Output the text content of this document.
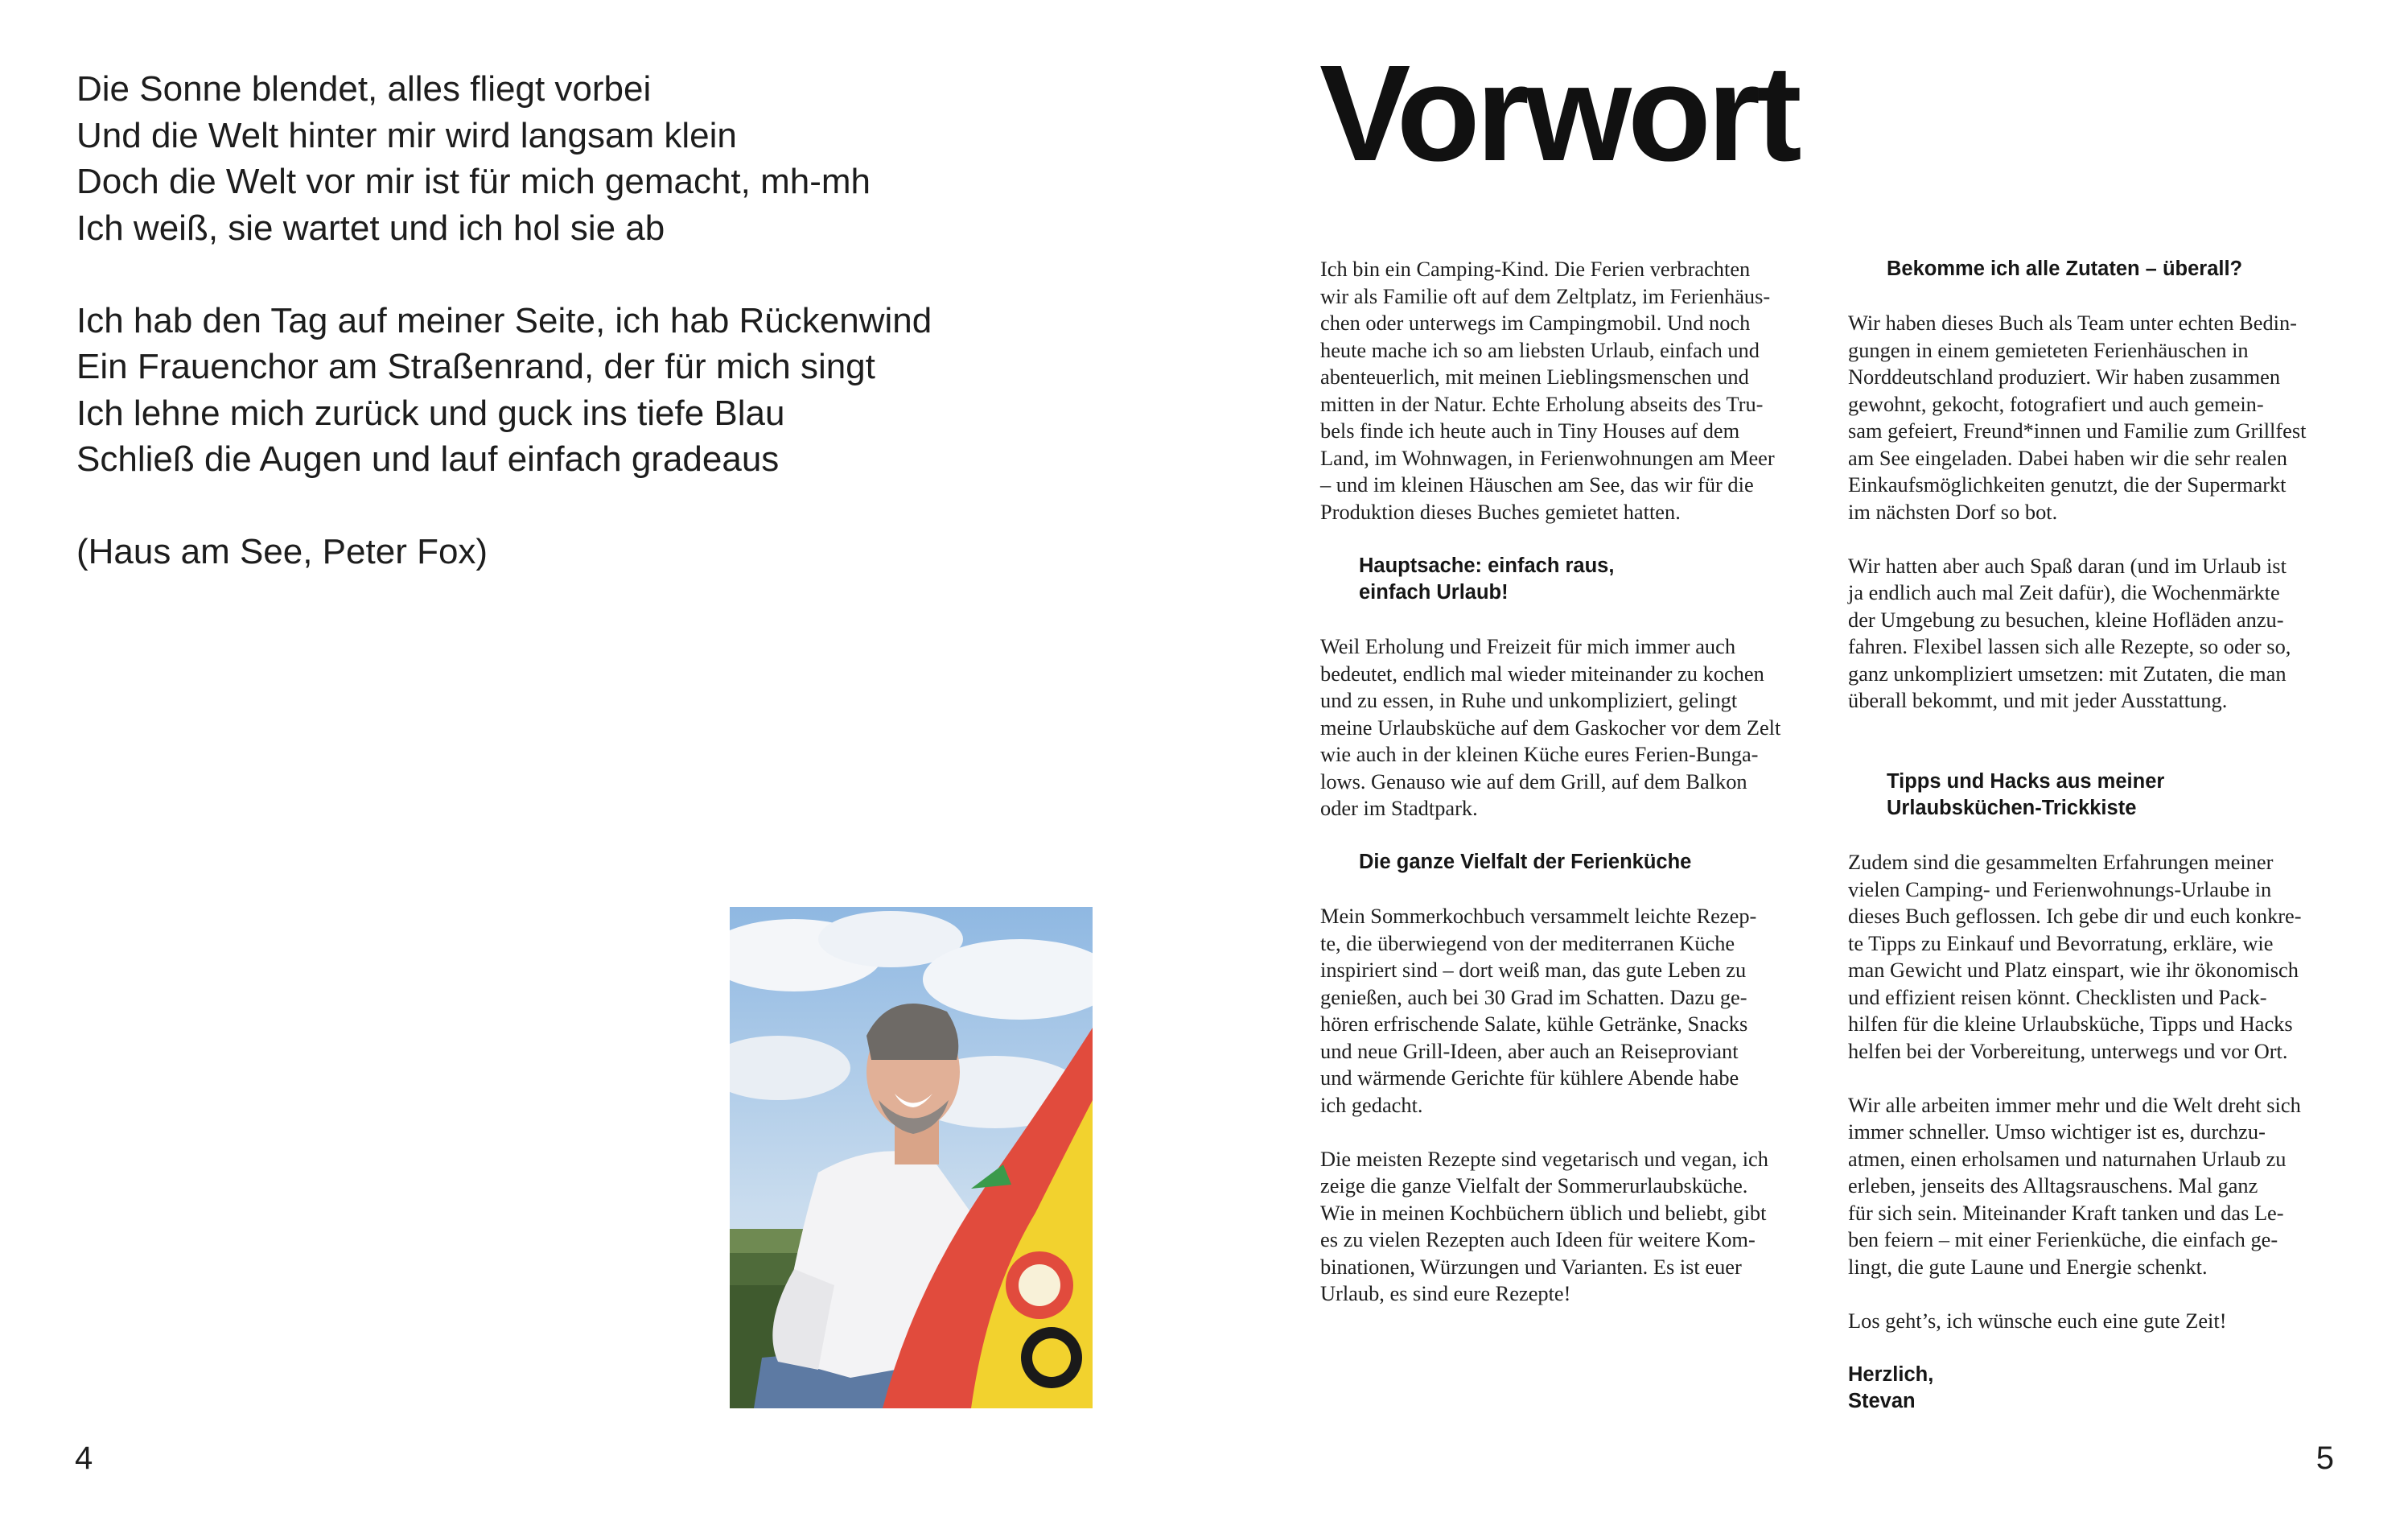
Die Sonne blendet, alles fliegt vorbei
Und die Welt hinter mir wird langsam klein
Doch die Welt vor mir ist für mich gemacht, mh-mh
Ich weiß, sie wartet und ich hol sie ab
Ich hab den Tag auf meiner Seite, ich hab Rückenwind
Ein Frauenchor am Straßenrand, der für mich singt
Ich lehne mich zurück und guck ins tiefe Blau
Schließ die Augen und lauf einfach gradeaus
(Haus am See, Peter Fox)
4
Vorwort
Ich bin ein Camping-Kind. Die Ferien verbrachten
wir als Familie oft auf dem Zeltplatz, im Ferienhäus-
chen oder unterwegs im Campingmobil. Und noch
heute mache ich so am liebsten Urlaub, einfach und
abenteuerlich, mit meinen Lieblingsmenschen und
mitten in der Natur. Echte Erholung abseits des Tru-
bels finde ich heute auch in Tiny Houses auf dem
Land, im Wohnwagen, in Ferienwohnungen am Meer
– und im kleinen Häuschen am See, das wir für die
Produktion dieses Buches gemietet hatten.
Hauptsache: einfach raus,
einfach Urlaub!
Weil Erholung und Freizeit für mich immer auch
bedeutet, endlich mal wieder miteinander zu kochen
und zu essen, in Ruhe und unkompliziert, gelingt
meine Urlaubsküche auf dem Gaskocher vor dem Zelt
wie auch in der kleinen Küche eures Ferien-Bunga-
lows. Genauso wie auf dem Grill, auf dem Balkon
oder im Stadtpark.
Die ganze Vielfalt der Ferienküche
Mein Sommerkochbuch versammelt leichte Rezep-
te, die überwiegend von der mediterranen Küche
inspiriert sind – dort weiß man, das gute Leben zu
genießen, auch bei 30 Grad im Schatten. Dazu ge-
hören erfrischende Salate, kühle Getränke, Snacks
und neue Grill-Ideen, aber auch an Reiseproviant
und wärmende Gerichte für kühlere Abende habe
ich gedacht.
Die meisten Rezepte sind vegetarisch und vegan, ich
zeige die ganze Vielfalt der Sommerurlaubsküche.
Wie in meinen Kochbüchern üblich und beliebt, gibt
es zu vielen Rezepten auch Ideen für weitere Kom-
binationen, Würzungen und Varianten. Es ist euer
Urlaub, es sind eure Rezepte!
Bekomme ich alle Zutaten – überall?
Wir haben dieses Buch als Team unter echten Bedin-
gungen in einem gemieteten Ferienhäuschen in
Norddeutschland produziert. Wir haben zusammen
gewohnt, gekocht, fotografiert und auch gemein-
sam gefeiert, Freund*innen und Familie zum Grillfest
am See eingeladen. Dabei haben wir die sehr realen
Einkaufsmöglichkeiten genutzt, die der Supermarkt
im nächsten Dorf so bot.
Wir hatten aber auch Spaß daran (und im Urlaub ist
ja endlich auch mal Zeit dafür), die Wochenmärkte
der Umgebung zu besuchen, kleine Hofläden anzu-
fahren. Flexibel lassen sich alle Rezepte, so oder so,
ganz unkompliziert umsetzen: mit Zutaten, die man
überall bekommt, und mit jeder Ausstattung.
Tipps und Hacks aus meiner
Urlaubsküchen-Trickkiste
Zudem sind die gesammelten Erfahrungen meiner
vielen Camping- und Ferienwohnungs-Urlaube in
dieses Buch geflossen. Ich gebe dir und euch konkre-
te Tipps zu Einkauf und Bevorratung, erkläre, wie
man Gewicht und Platz einspart, wie ihr ökonomisch
und effizient reisen könnt. Checklisten und Pack-
hilfen für die kleine Urlaubsküche, Tipps und Hacks
helfen bei der Vorbereitung, unterwegs und vor Ort.
Wir alle arbeiten immer mehr und die Welt dreht sich
immer schneller. Umso wichtiger ist es, durchzu-
atmen, einen erholsamen und naturnahen Urlaub zu
erleben, jenseits des Alltagsrauschens. Mal ganz
für sich sein. Miteinander Kraft tanken und das Le-
ben feiern – mit einer Ferienküche, die einfach ge-
lingt, die gute Laune und Energie schenkt.
Los geht’s, ich wünsche euch eine gute Zeit!
Herzlich,
Stevan
5
